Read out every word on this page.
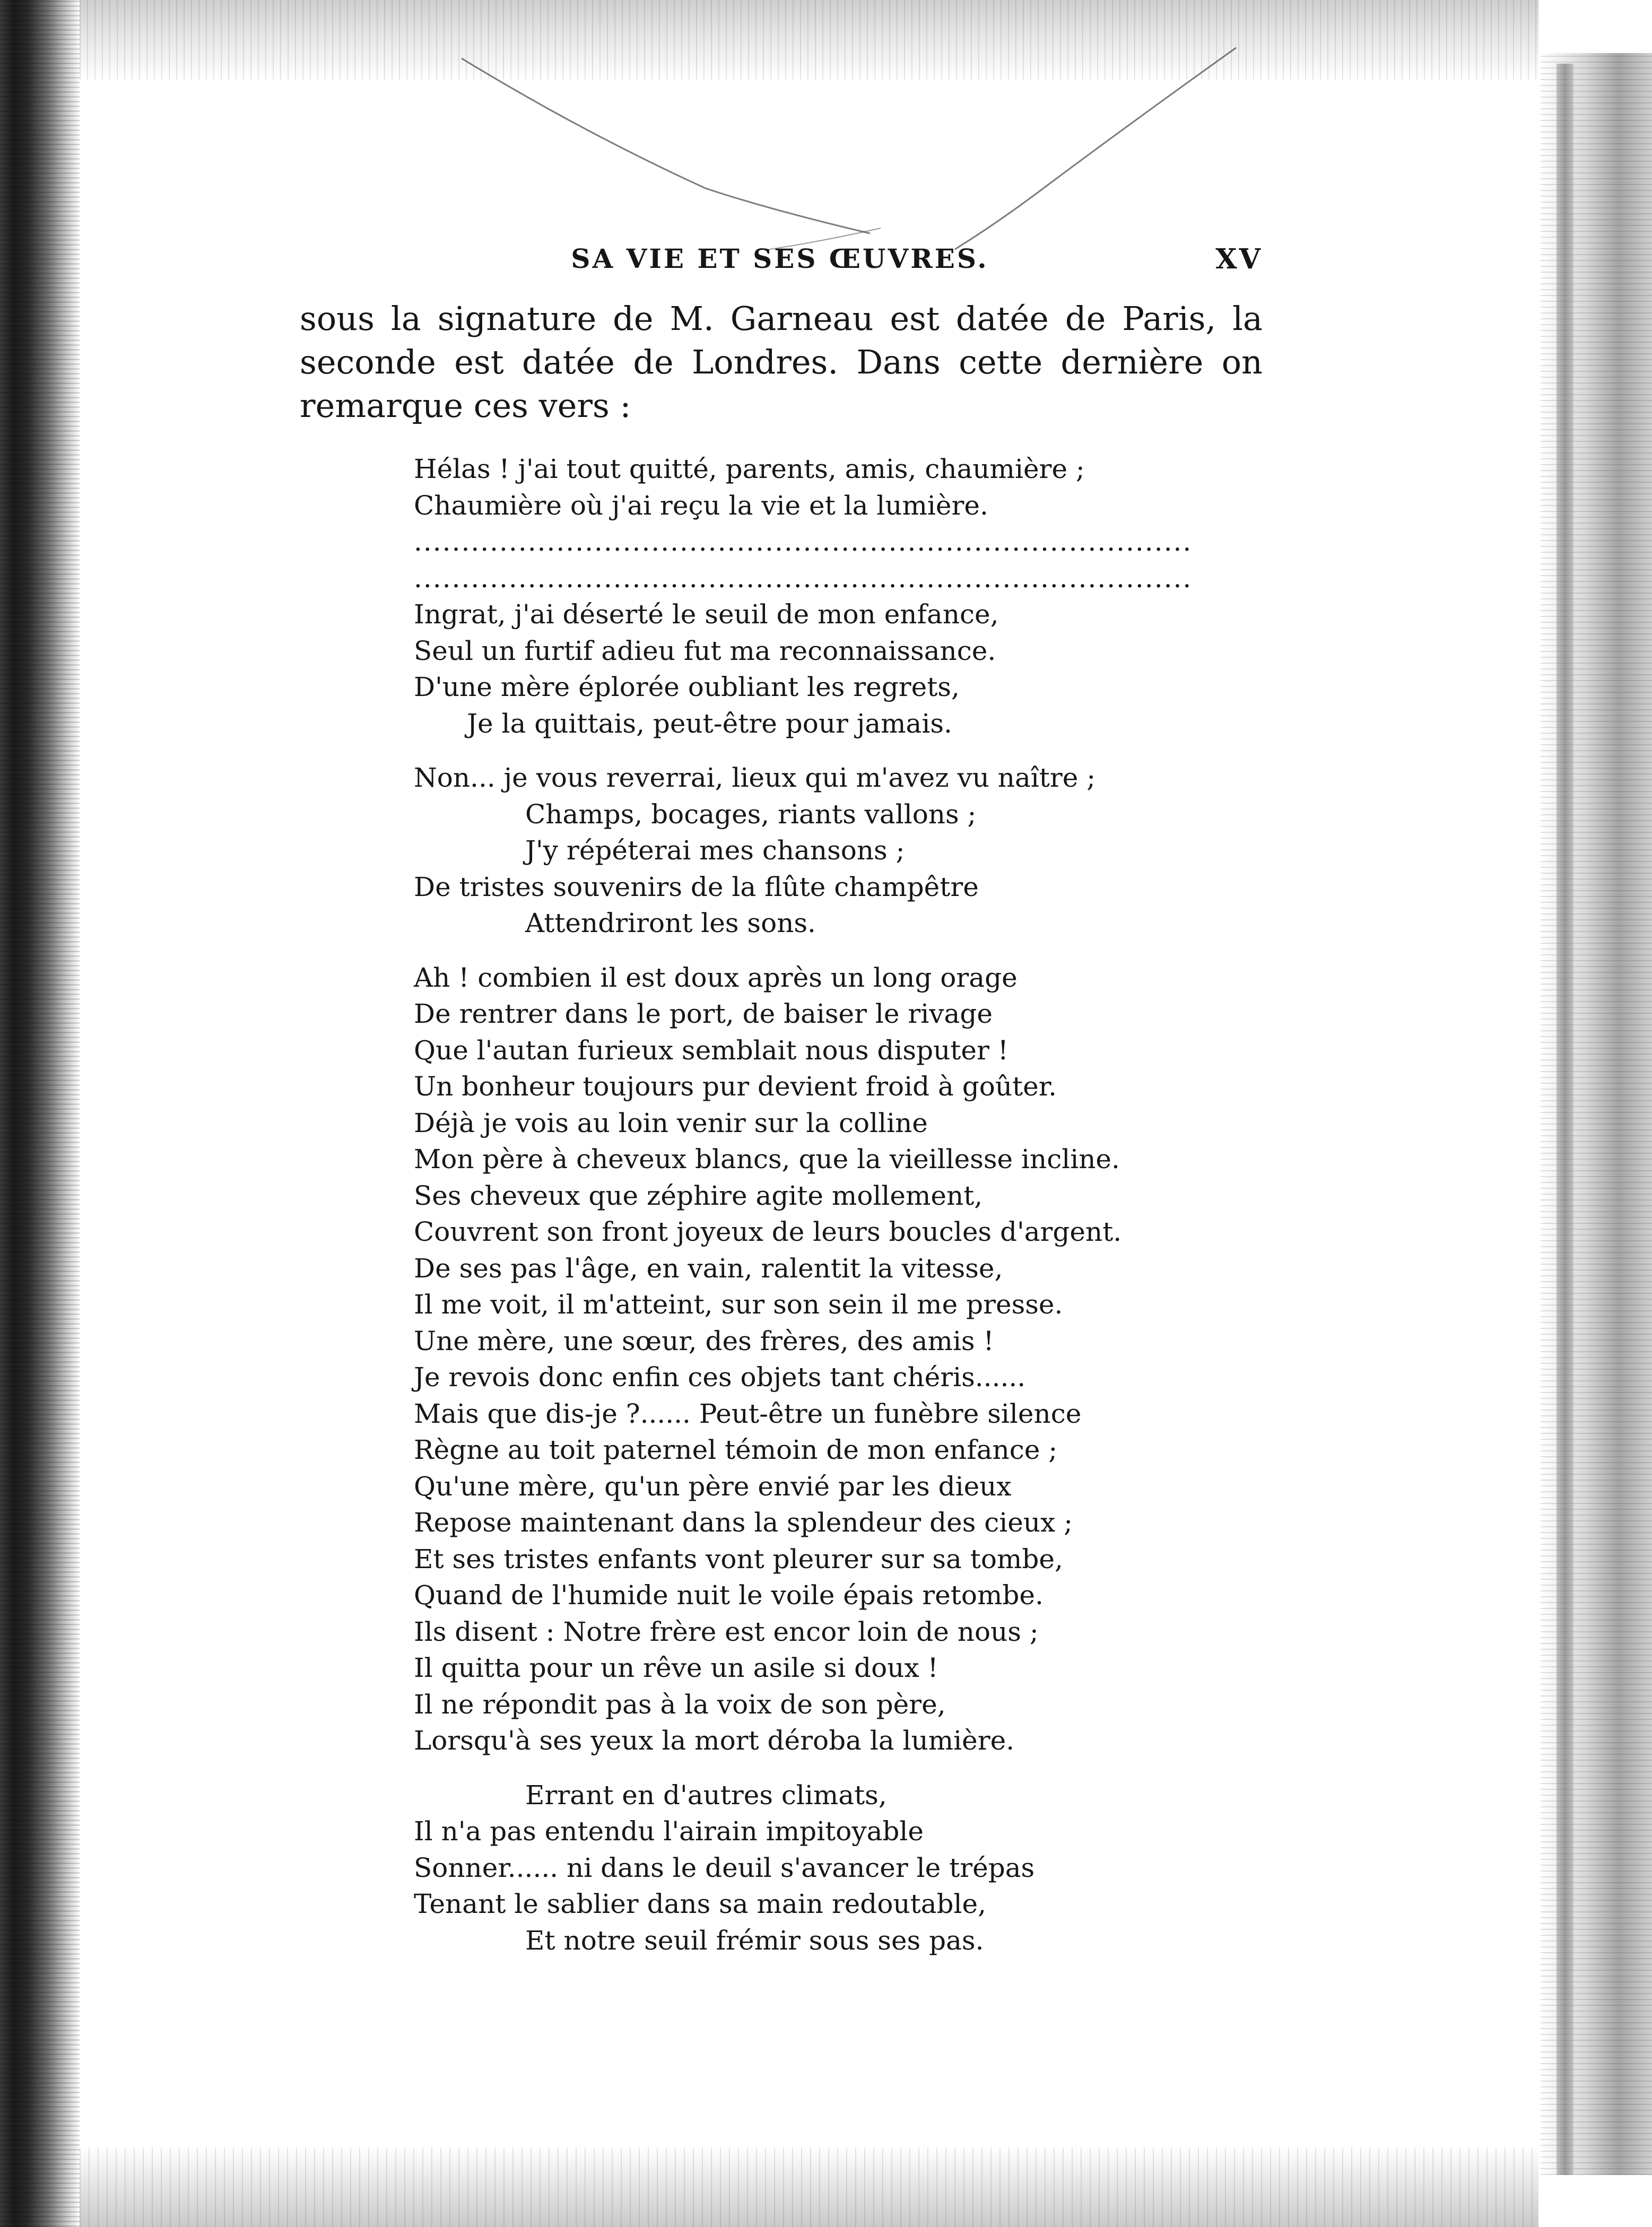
SA VIE ET SES ŒUVRES.	XV
sous la signature de M. Garneau est datée de Paris, la
seconde est datée de Londres. Dans cette dernière on
remarque ces vers :
Hélas ! j'ai tout quitté, parents, amis, chaumière ;
Chaumière où j'ai reçu la vie et la lumière.
..................................................................................
..................................................................................
Ingrat, j'ai déserté le seuil de mon enfance,
Seul un furtif adieu fut ma reconnaissance.
D'une mère éplorée oubliant les regrets,
Je la quittais, peut-être pour jamais.
Non... je vous reverrai, lieux qui m'avez vu naître ;
Champs, bocages, riants vallons ;
J'y répéterai mes chansons ;
De tristes souvenirs de la flûte champêtre
Attendriront les sons.
Ah ! combien il est doux après un long orage
De rentrer dans le port, de baiser le rivage
Que l'autan furieux semblait nous disputer !
Un bonheur toujours pur devient froid à goûter.
Déjà je vois au loin venir sur la colline
Mon père à cheveux blancs, que la vieillesse incline.
Ses cheveux que zéphire agite mollement,
Couvrent son front joyeux de leurs boucles d'argent.
De ses pas l'âge, en vain, ralentit la vitesse,
Il me voit, il m'atteint, sur son sein il me presse.
Une mère, une sœur, des frères, des amis !
Je revois donc enfin ces objets tant chéris......
Mais que dis-je ?...... Peut-être un funèbre silence
Règne au toit paternel témoin de mon enfance ;
Qu'une mère, qu'un père envié par les dieux
Repose maintenant dans la splendeur des cieux ;
Et ses tristes enfants vont pleurer sur sa tombe,
Quand de l'humide nuit le voile épais retombe.
Ils disent : Notre frère est encor loin de nous ;
Il quitta pour un rêve un asile si doux !
Il ne répondit pas à la voix de son père,
Lorsqu'à ses yeux la mort déroba la lumière.
Errant en d'autres climats,
Il n'a pas entendu l'airain impitoyable
Sonner...... ni dans le deuil s'avancer le trépas
Tenant le sablier dans sa main redoutable,
Et notre seuil frémir sous ses pas.
